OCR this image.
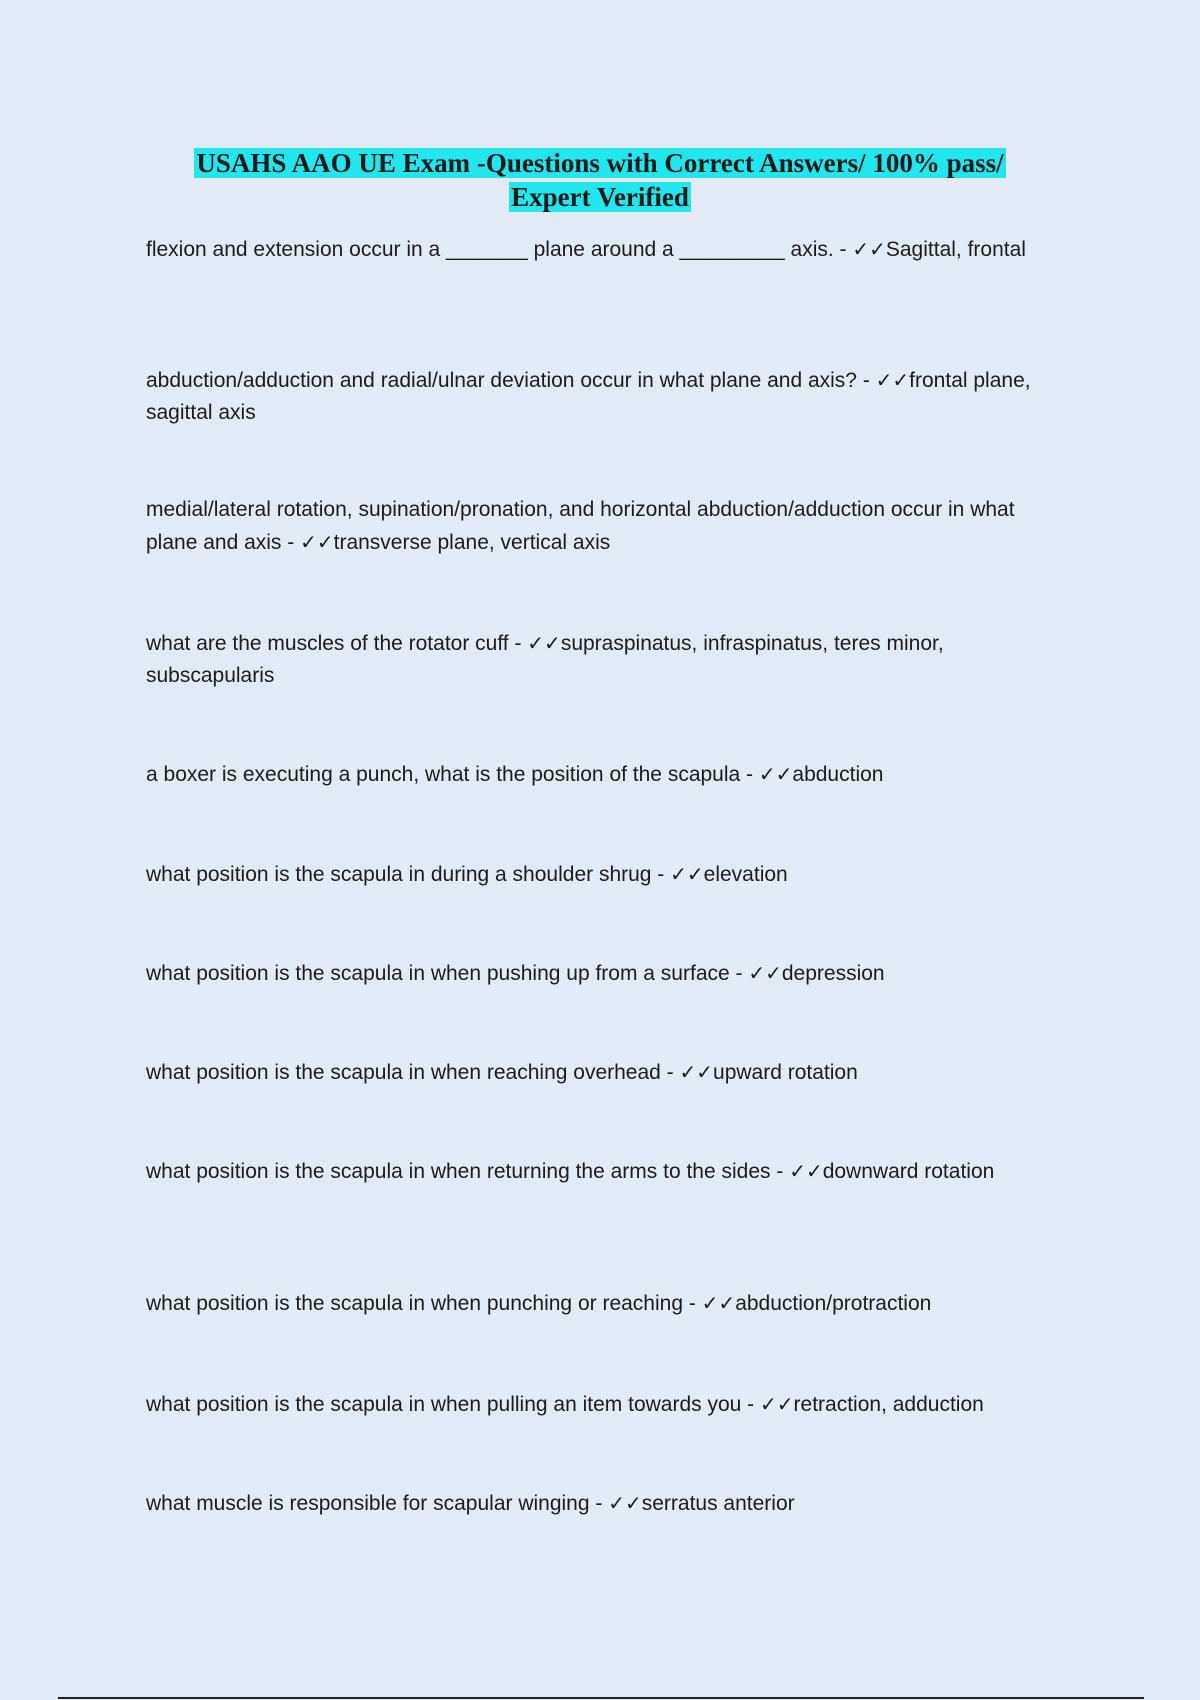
USAHS AAO UE Exam -Questions with Correct Answers/ 100% pass/
Expert Verified
flexion and extension occur in a _______ plane around a _________ axis. - ✓✓Sagittal, frontal
abduction/adduction and radial/ulnar deviation occur in what plane and axis? - ✓✓frontal plane, sagittal axis
medial/lateral rotation, supination/pronation, and horizontal abduction/adduction occur in what plane and axis - ✓✓transverse plane, vertical axis
what are the muscles of the rotator cuff - ✓✓supraspinatus, infraspinatus, teres minor, subscapularis
a boxer is executing a punch, what is the position of the scapula - ✓✓abduction
what position is the scapula in during a shoulder shrug - ✓✓elevation
what position is the scapula in when pushing up from a surface - ✓✓depression
what position is the scapula in when reaching overhead - ✓✓upward rotation
what position is the scapula in when returning the arms to the sides - ✓✓downward rotation
what position is the scapula in when punching or reaching - ✓✓abduction/protraction
what position is the scapula in when pulling an item towards you - ✓✓retraction, adduction
what muscle is responsible for scapular winging - ✓✓serratus anterior
